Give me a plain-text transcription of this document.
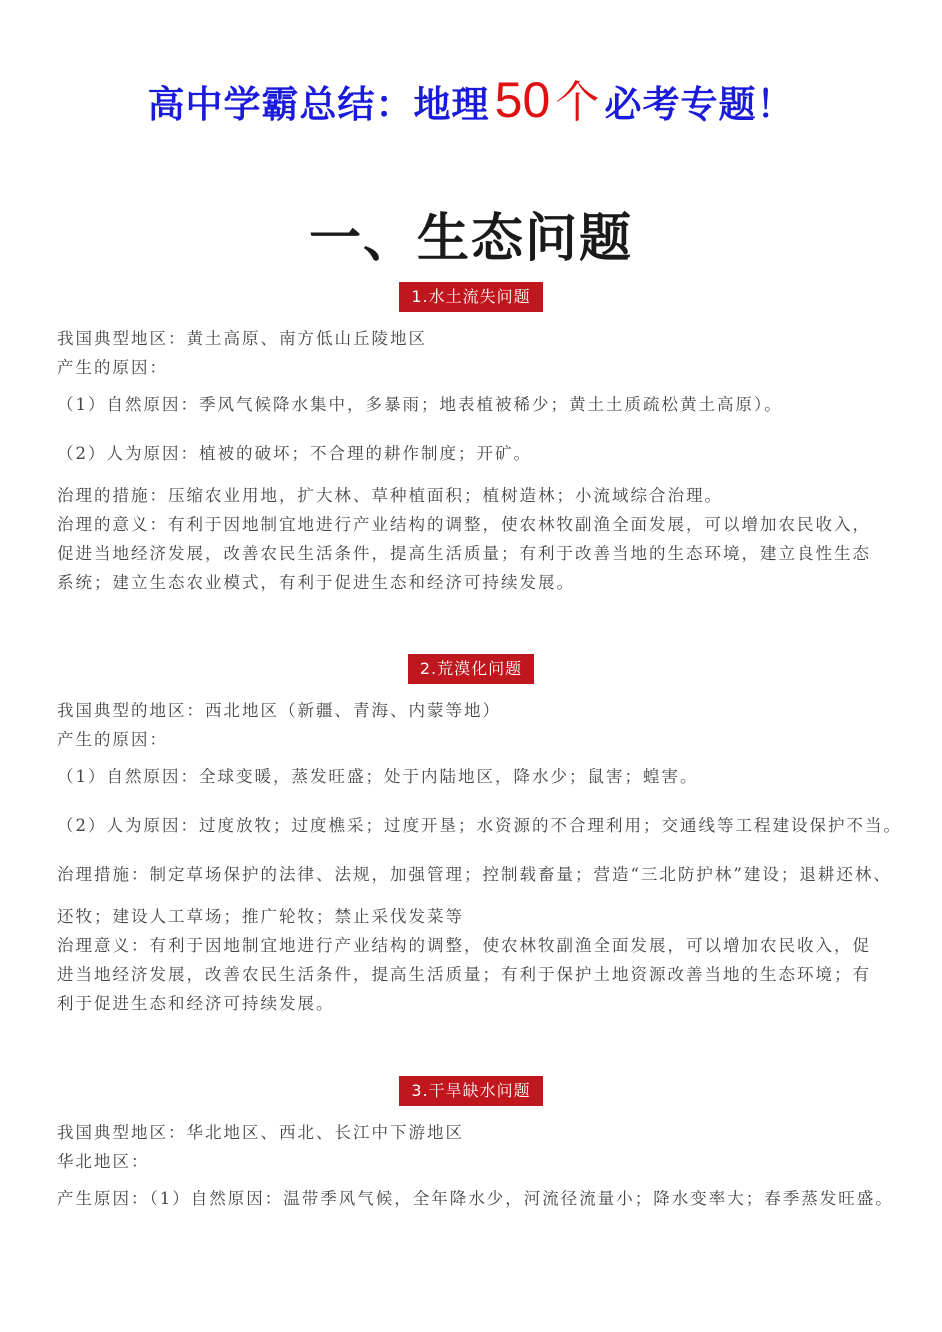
高中学霸总结：地理 50 个 必考专题！
一、生态问题
1.水土流失问题
我国典型地区：黄土高原、南方低山丘陵地区
产生的原因：
（1）自然原因：季风气候降水集中，多暴雨；地表植被稀少；黄土土质疏松黄土高原）。
（2）人为原因：植被的破坏；不合理的耕作制度；开矿。
治理的措施：压缩农业用地，扩大林、草种植面积；植树造林；小流域综合治理。
治理的意义：有利于因地制宜地进行产业结构的调整，使农林牧副渔全面发展，可以增加农民收入，
促进当地经济发展，改善农民生活条件，提高生活质量；有利于改善当地的生态环境，建立良性生态
系统；建立生态农业模式，有利于促进生态和经济可持续发展。
2.荒漠化问题
我国典型的地区：西北地区（新疆、青海、内蒙等地）
产生的原因：
（1）自然原因：全球变暖，蒸发旺盛；处于内陆地区，降水少；鼠害；蝗害。
（2）人为原因：过度放牧；过度樵采；过度开垦；水资源的不合理利用；交通线等工程建设保护不当。
治理措施：制定草场保护的法律、法规，加强管理；控制载畜量；营造“三北防护林”建设；退耕还林、
还牧；建设人工草场；推广轮牧；禁止采伐发菜等
治理意义：有利于因地制宜地进行产业结构的调整，使农林牧副渔全面发展，可以增加农民收入，促
进当地经济发展，改善农民生活条件，提高生活质量；有利于保护土地资源改善当地的生态环境；有
利于促进生态和经济可持续发展。
3.干旱缺水问题
我国典型地区：华北地区、西北、长江中下游地区
华北地区：
产生原因：（1）自然原因：温带季风气候，全年降水少，河流径流量小；降水变率大；春季蒸发旺盛。
